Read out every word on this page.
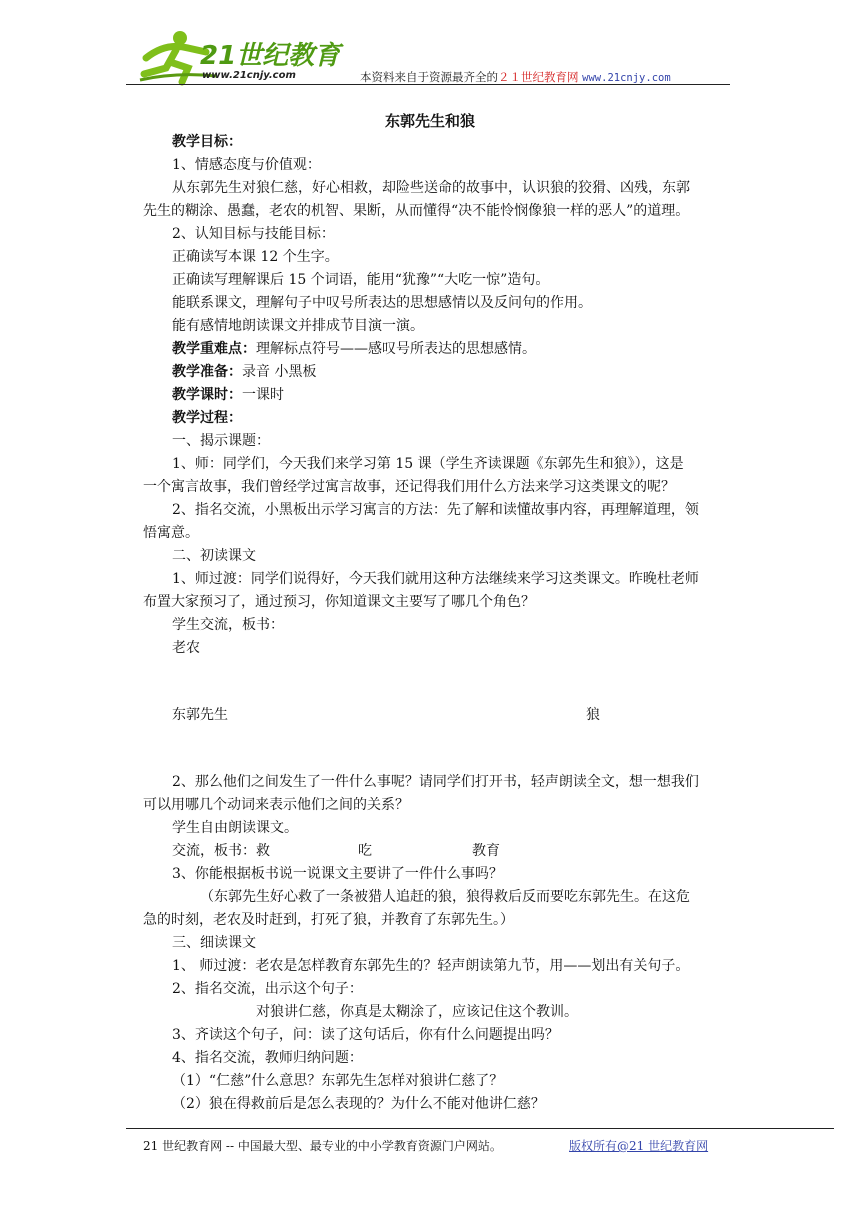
21世纪教育
www.21cnjy.com	本资料来自于资源最齐全的２１世纪教育网 www.21cnjy.com
东郭先生和狼
教学目标：
1、情感态度与价值观：
从东郭先生对狼仁慈，好心相救，却险些送命的故事中，认识狼的狡猾、凶残，东郭
先生的糊涂、愚蠢，老农的机智、果断，从而懂得“决不能怜悯像狼一样的恶人”的道理。
2、认知目标与技能目标：
正确读写本课 12 个生字。
正确读写理解课后 15 个词语，能用“犹豫”“大吃一惊”造句。
能联系课文，理解句子中叹号所表达的思想感情以及反问句的作用。
能有感情地朗读课文并排成节目演一演。
教学重难点：理解标点符号——感叹号所表达的思想感情。
教学准备：录音 小黑板
教学课时：一课时
教学过程：
一、揭示课题：
1、师：同学们，今天我们来学习第 15 课（学生齐读课题《东郭先生和狼》），这是
一个寓言故事，我们曾经学过寓言故事，还记得我们用什么方法来学习这类课文的呢？
2、指名交流，小黑板出示学习寓言的方法：先了解和读懂故事内容，再理解道理，领
悟寓意。
二、初读课文
1、师过渡：同学们说得好，今天我们就用这种方法继续来学习这类课文。昨晚杜老师
布置大家预习了，通过预习，你知道课文主要写了哪几个角色？
学生交流，板书：
老农
东郭先生	狼
2、那么他们之间发生了一件什么事呢？请同学们打开书，轻声朗读全文，想一想我们
可以用哪几个动词来表示他们之间的关系？
学生自由朗读课文。
交流，板书：救	吃	教育
3、你能根据板书说一说课文主要讲了一件什么事吗？
（东郭先生好心救了一条被猎人追赶的狼，狼得救后反而要吃东郭先生。在这危
急的时刻，老农及时赶到，打死了狼，并教育了东郭先生。）
三、细读课文
1、 师过渡：老农是怎样教育东郭先生的？轻声朗读第九节，用——划出有关句子。
2、指名交流，出示这个句子：
对狼讲仁慈，你真是太糊涂了，应该记住这个教训。
3、齐读这个句子，问：读了这句话后，你有什么问题提出吗？
4、指名交流，教师归纳问题：
（1）“仁慈”什么意思？东郭先生怎样对狼讲仁慈了？
（2）狼在得救前后是怎么表现的？为什么不能对他讲仁慈？
21 世纪教育网 -- 中国最大型、最专业的中小学教育资源门户网站。	版权所有@21 世纪教育网
